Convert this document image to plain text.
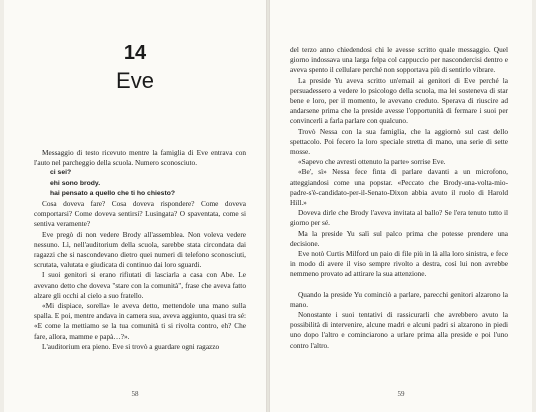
14
Eve

Messaggio di testo ricevuto mentre la famiglia di Eve entrava con l'auto nel parcheggio della scuola. Numero sconosciuto.

ci sei?

ehi sono brody.

hai pensato a quello che ti ho chiesto?

Cosa doveva fare? Cosa doveva rispondere? Come doveva comportarsi? Come doveva sentirsi? Lusingata? O spaventata, come si sentiva veramente?

Eve pregò di non vedere Brody all'assemblea. Non voleva vedere nessuno. Lì, nell'auditorium della scuola, sarebbe stata circondata dai ragazzi che si nascondevano dietro quei numeri di telefono sconosciuti, scrutata, valutata e giudicata di continuo dai loro sguardi.

I suoi genitori si erano rifiutati di lasciarla a casa con Abe. Le avevano detto che doveva "stare con la comunità", frase che aveva fatto alzare gli occhi al cielo a suo fratello.

«Mi dispiace, sorella» le aveva detto, mettendole una mano sulla spalla. E poi, mentre andava in camera sua, aveva aggiunto, quasi tra sé: «E come la mettiamo se la tua comunità ti si rivolta contro, eh? Che fare, allora, mamme e papà…?».

L'auditorium era pieno. Eve si trovò a guardare ogni ragazzo

58

del terzo anno chiedendosi chi le avesse scritto quale messaggio. Quel giorno indossava una larga felpa col cappuccio per nascondercisi dentro e aveva spento il cellulare perché non sopportava più di sentirlo vibrare.

La preside Yu aveva scritto un'email ai genitori di Eve perché la persuadessero a vedere lo psicologo della scuola, ma lei sosteneva di star bene e loro, per il momento, le avevano creduto. Sperava di riuscire ad andarsene prima che la preside avesse l'opportunità di fermare i suoi per convincerli a farla parlare con qualcuno.

Trovò Nessa con la sua famiglia, che la aggiornò sul cast dello spettacolo. Poi fecero la loro speciale stretta di mano, una serie di sette mosse.

«Sapevo che avresti ottenuto la parte» sorrise Eve.

«Be', sì» Nessa fece finta di parlare davanti a un microfono, atteggiandosi come una popstar. «Peccato che Brody-una-volta-mio-padre-s'è-candidato-per-il-Senato-Dixon abbia avuto il ruolo di Harold Hill.»

Doveva dirle che Brody l'aveva invitata al ballo? Se l'era tenuto tutto il giorno per sé.

Ma la preside Yu salì sul palco prima che potesse prendere una decisione.

Eve notò Curtis Milford un paio di file più in là alla loro sinistra, e fece in modo di avere il viso sempre rivolto a destra, così lui non avrebbe nemmeno provato ad attirare la sua attenzione.

Quando la preside Yu cominciò a parlare, parecchi genitori alzarono la mano.

Nonostante i suoi tentativi di rassicurarli che avrebbero avuto la possibilità di intervenire, alcune madri e alcuni padri si alzarono in piedi uno dopo l'altro e cominciarono a urlare prima alla preside e poi l'uno contro l'altro.

59
